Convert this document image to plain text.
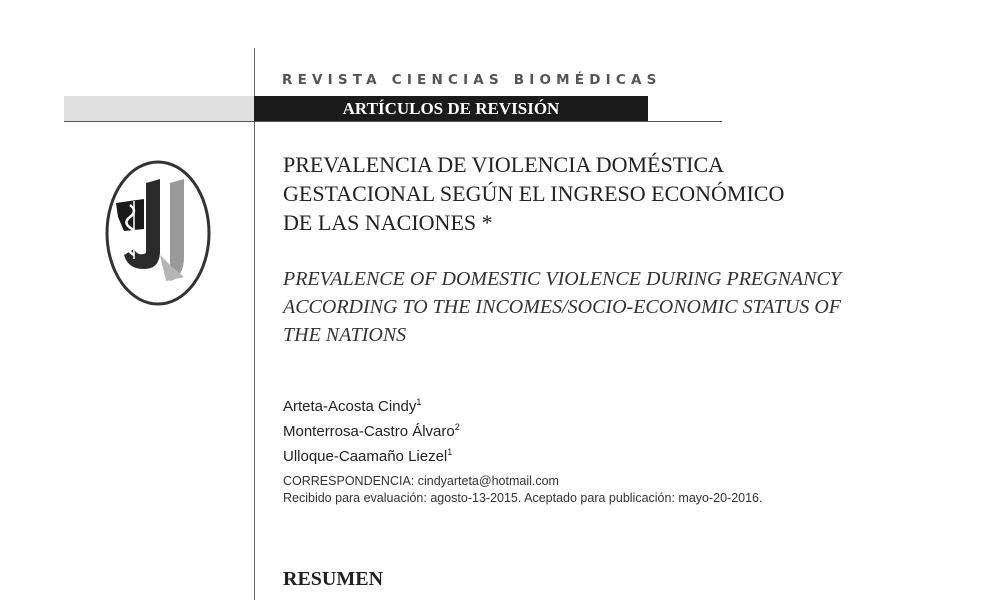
REVISTA CIENCIAS BIOMÉDICAS
ARTÍCULOS DE REVISIÓN
PREVALENCIA DE VIOLENCIA DOMÉSTICA
GESTACIONAL SEGÚN EL INGRESO ECONÓMICO
DE LAS NACIONES *
PREVALENCE OF DOMESTIC VIOLENCE DURING PREGNANCY
ACCORDING TO THE INCOMES/SOCIO-ECONOMIC STATUS OF
THE NATIONS
Arteta-Acosta Cindy$^1$
Monterrosa-Castro Álvaro$^2$
Ulloque-Caamaño Liezel$^1$
CORRESPONDENCIA: cindyarteta@hotmail.com
Recibido para evaluación: agosto-13-2015. Aceptado para publicación: mayo-20-2016.
RESUMEN
